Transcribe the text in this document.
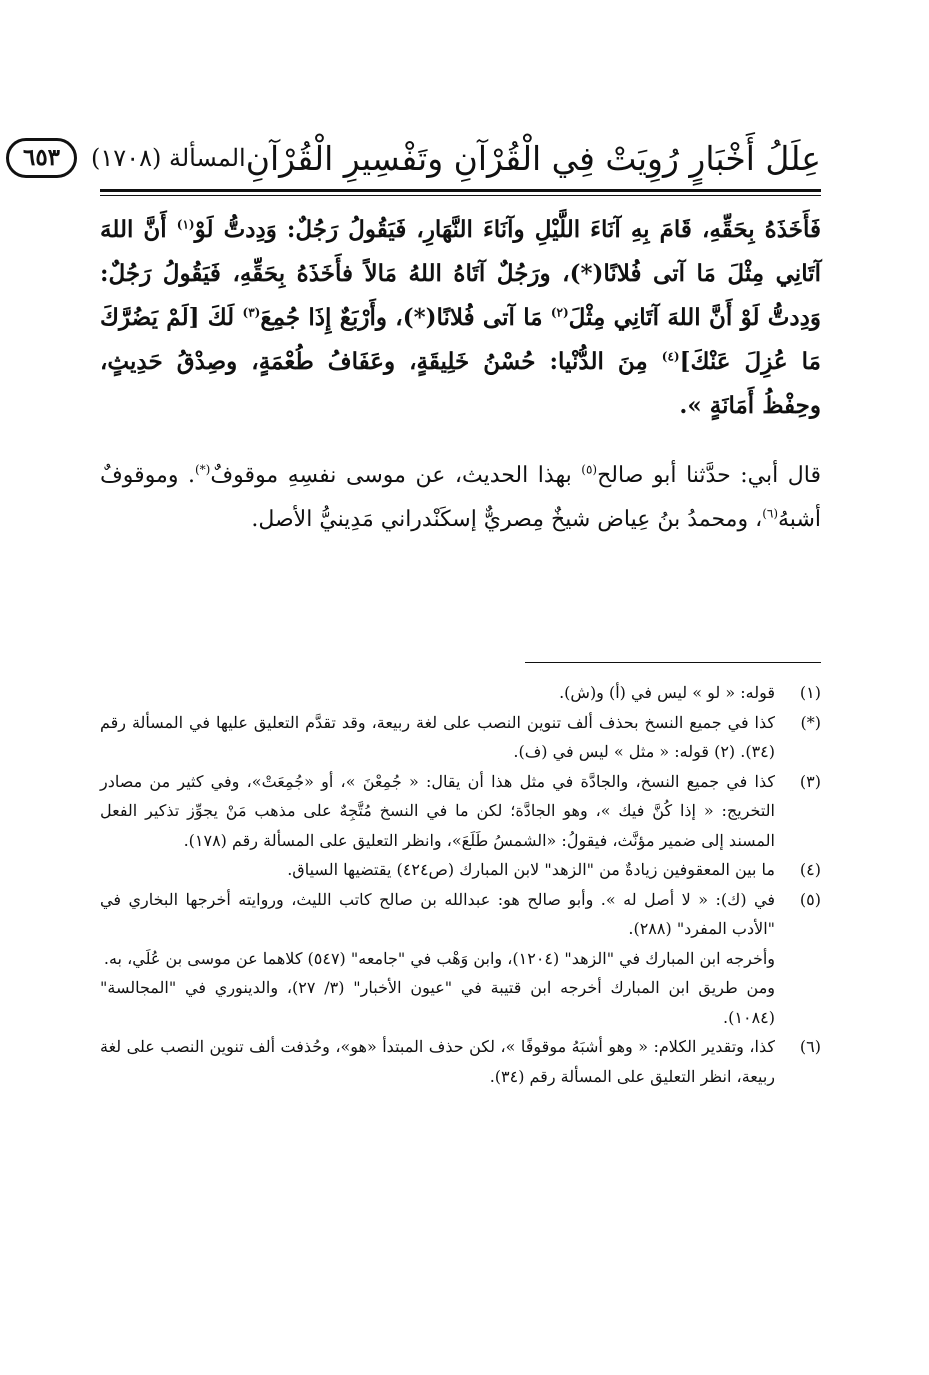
عِلَلُ أَخْبَارٍ رُوِيَتْ فِي الْقُرْآنِ وتَفْسِيرِ الْقُرْآنِ
المسألة (١٧٠٨)
٦٥٣

فَأَخَذَهُ بِحَقِّهِ، قَامَ بِهِ آنَاءَ اللَّيْلِ وآنَاءَ النَّهَارِ، فَيَقُولُ رَجُلٌ: وَدِدتُّ لَوْ$^{(١)}$ أَنَّ اللهَ آتَانِي مِثْلَ مَا آتى فُلانًا(*)، ورَجُلٌ آتَاهُ اللهُ مَالاً فأَخَذَهُ بِحَقِّهِ، فَيَقُولُ رَجُلٌ: وَدِدتُّ لَوْ أَنَّ اللهَ آتَانِي مِثْلَ$^{(٢)}$ مَا آتى فُلانًا(*)، وأَرْبَعٌ إِذَا جُمِعَ$^{(٣)}$ لَكَ [لَمْ يَضُرَّكَ مَا عُزِلَ عَنْكَ]$^{(٤)}$ مِنَ الدُّنْيا: حُسْنُ خَلِيقَةٍ، وعَفَافُ طُعْمَةٍ، وصِدْقُ حَدِيثٍ، وحِفْظُ أَمَانَةٍ ».

قال أبي: حدَّثنا أبو صالح$^{(٥)}$ بهذا الحديث، عن موسى نفسِهِ موقوفٌ(*). وموقوفٌ أشبهُ$^{(٦)}$، ومحمدُ بنُ عِياض شيخٌ مِصريٌّ إسكَنْدراني مَدِينيُّ الأصل.

(١)

قوله: « لو » ليس في (أ) و(ش).

(*)

كذا في جميع النسخ بحذف ألف تنوين النصب على لغة ربيعة، وقد تقدَّم التعليق عليها في المسألة رقم (٣٤). (٢) قوله: « مثل » ليس في (ف).

(٣)

كذا في جميع النسخ، والجادَّة في مثل هذا أن يقال: « جُمِعْنَ »، أو «جُمِعَتْ»، وفي كثير من مصادر التخريج: « إذا كُنَّ فيك »، وهو الجادَّة؛ لكن ما في النسخ مُتَّجِهٌ على مذهب مَنْ يجوِّز تذكير الفعل المسند إلى ضمير مؤنَّث، فيقولُ: «الشمسُ طَلَعَ»، وانظر التعليق على المسألة رقم (١٧٨).

(٤)

ما بين المعقوفين زيادةٌ من "الزهد" لابن المبارك (ص٤٢٤) يقتضيها السياق.

(٥)

في (ك): « لا أصل له ». وأبو صالح هو: عبدالله بن صالح كاتب الليث، وروايته أخرجها البخاري في "الأدب المفرد" (٢٨٨).

وأخرجه ابن المبارك في "الزهد" (١٢٠٤)، وابن وَهْب في "جامعه" (٥٤٧) كلاهما عن موسى بن عُلَي، به.

ومن طريق ابن المبارك أخرجه ابن قتيبة في "عيون الأخبار" (٣/ ٢٧)، والدينوري في "المجالسة" (١٠٨٤).

(٦)

كذا، وتقدير الكلام: « وهو أشبَهُ موقوفًا »، لكن حذف المبتدأ «هو»، وحُذفت ألف تنوين النصب على لغة ربيعة، انظر التعليق على المسألة رقم (٣٤).
